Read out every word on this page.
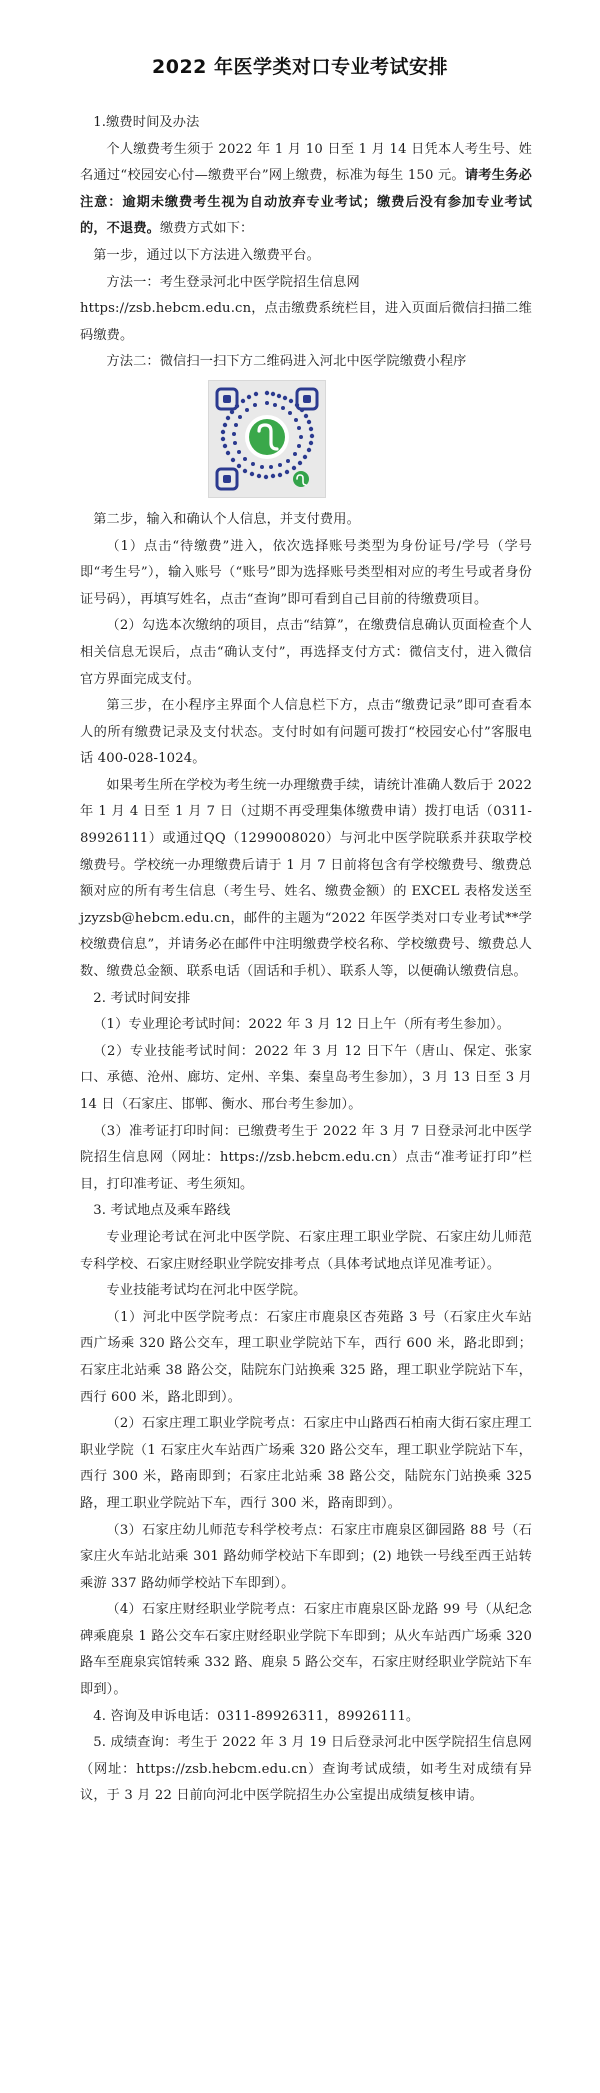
2022 年医学类对口专业考试安排

1.缴费时间及办法

个人缴费考生须于 2022 年 1 月 10 日至 1 月 14 日凭本人考生号、姓名通过“校园安心付—缴费平台”网上缴费，标准为每生 150 元。请考生务必注意：逾期未缴费考生视为自动放弃专业考试；缴费后没有参加专业考试的，不退费。缴费方式如下：

第一步，通过以下方法进入缴费平台。

方法一：考生登录河北中医学院招生信息网

https://zsb.hebcm.edu.cn，点击缴费系统栏目，进入页面后微信扫描二维码缴费。

方法二：微信扫一扫下方二维码进入河北中医学院缴费小程序

第二步，输入和确认个人信息，并支付费用。

（1）点击“待缴费”进入，依次选择账号类型为身份证号/学号（学号即“考生号”），输入账号（“账号”即为选择账号类型相对应的考生号或者身份证号码），再填写姓名，点击“查询”即可看到自己目前的待缴费项目。

（2）勾选本次缴纳的项目，点击“结算”，在缴费信息确认页面检查个人相关信息无误后，点击“确认支付”，再选择支付方式：微信支付，进入微信官方界面完成支付。

第三步，在小程序主界面个人信息栏下方，点击“缴费记录”即可查看本人的所有缴费记录及支付状态。支付时如有问题可拨打“校园安心付”客服电话 400-028-1024。

如果考生所在学校为考生统一办理缴费手续，请统计准确人数后于 2022 年 1 月 4 日至 1 月 7 日（过期不再受理集体缴费申请）拨打电话（0311-89926111）或通过QQ（1299008020）与河北中医学院联系并获取学校缴费号。学校统一办理缴费后请于 1 月 7 日前将包含有学校缴费号、缴费总额对应的所有考生信息（考生号、姓名、缴费金额）的 EXCEL 表格发送至 jzyzsb@hebcm.edu.cn，邮件的主题为“2022 年医学类对口专业考试**学校缴费信息”，并请务必在邮件中注明缴费学校名称、学校缴费号、缴费总人数、缴费总金额、联系电话（固话和手机）、联系人等，以便确认缴费信息。

2. 考试时间安排

（1）专业理论考试时间：2022 年 3 月 12 日上午（所有考生参加）。

（2）专业技能考试时间：2022 年 3 月 12 日下午（唐山、保定、张家口、承德、沧州、廊坊、定州、辛集、秦皇岛考生参加），3 月 13 日至 3 月 14 日（石家庄、邯郸、衡水、邢台考生参加）。

（3）准考证打印时间：已缴费考生于 2022 年 3 月 7 日登录河北中医学院招生信息网（网址：https://zsb.hebcm.edu.cn）点击“准考证打印”栏目，打印准考证、考生须知。

3. 考试地点及乘车路线

专业理论考试在河北中医学院、石家庄理工职业学院、石家庄幼儿师范专科学校、石家庄财经职业学院安排考点（具体考试地点详见准考证）。

专业技能考试均在河北中医学院。

（1）河北中医学院考点：石家庄市鹿泉区杏苑路 3 号（石家庄火车站西广场乘 320 路公交车，理工职业学院站下车，西行 600 米，路北即到；石家庄北站乘 38 路公交，陆院东门站换乘 325 路，理工职业学院站下车，西行 600 米，路北即到）。

（2）石家庄理工职业学院考点：石家庄中山路西石柏南大街石家庄理工职业学院（1 石家庄火车站西广场乘 320 路公交车，理工职业学院站下车，西行 300 米，路南即到；石家庄北站乘 38 路公交，陆院东门站换乘 325 路，理工职业学院站下车，西行 300 米，路南即到）。

（3）石家庄幼儿师范专科学校考点：石家庄市鹿泉区御园路 88 号（石家庄火车站北站乘 301 路幼师学校站下车即到；(2) 地铁一号线至西王站转乘游 337 路幼师学校站下车即到）。

（4）石家庄财经职业学院考点：石家庄市鹿泉区卧龙路 99 号（从纪念碑乘鹿泉 1 路公交车石家庄财经职业学院下车即到；从火车站西广场乘 320 路车至鹿泉宾馆转乘 332 路、鹿泉 5 路公交车，石家庄财经职业学院站下车即到）。

4. 咨询及申诉电话：0311-89926311，89926111。

5. 成绩查询：考生于 2022 年 3 月 19 日后登录河北中医学院招生信息网（网址：https://zsb.hebcm.edu.cn）查询考试成绩，如考生对成绩有异议，于 3 月 22 日前向河北中医学院招生办公室提出成绩复核申请。
